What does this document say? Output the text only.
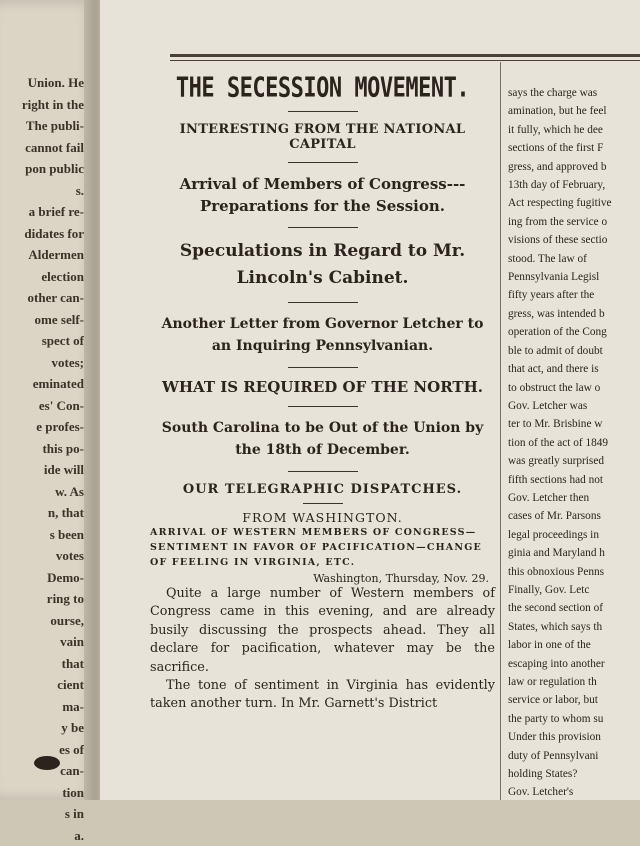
Union. He
right in the
The publi-
cannot fail
pon public
s.
a brief re-
didates for
Aldermen
election
other can-
ome self-
spect of
votes;
eminated
es' Con-
e profes-
this po-
ide will
w. As
n, that
s been
votes
Demo-
ring to
ourse,
vain
that
cient
ma-
y be
es of
can-
tion
s in
a.
THE SECESSION MOVEMENT.
INTERESTING FROM THE NATIONAL CAPITAL
Arrival of Members of Congress---Preparations for the Session.
Speculations in Regard to Mr. Lincoln's Cabinet.
Another Letter from Governor Letcher to an Inquiring Pennsylvanian.
WHAT IS REQUIRED OF THE NORTH.
South Carolina to be Out of the Union by the 18th of December.
OUR TELEGRAPHIC DISPATCHES.
FROM WASHINGTON.
ARRIVAL OF WESTERN MEMBERS OF CONGRESS—SENTIMENT IN FAVOR OF PACIFICATION—CHANGE OF FEELING IN VIRGINIA, ETC.
Washington, Thursday, Nov. 29.

Quite a large number of Western members of Congress came in this evening, and are already busily discussing the prospects ahead. They all declare for pacification, whatever may be the sacrifice.

The tone of sentiment in Virginia has evidently taken another turn. In Mr. Garnett's District

says the charge was
amination, but he feel
it fully, which he dee
sections of the first F
gress, and approved b
13th day of February,
Act respecting fugitive
ing from the service o
visions of these sectio
stood. The law of
Pennsylvania Legisl
fifty years after the
gress, was intended b
operation of the Cong
ble to admit of doubt
that act, and there is
to obstruct the law o
Gov. Letcher was
ter to Mr. Brisbine w
tion of the act of 1849
was greatly surprised
fifth sections had not
Gov. Letcher then
cases of Mr. Parsons
legal proceedings in
ginia and Maryland h
this obnoxious Penns
Finally, Gov. Letc
the second section of
States, which says th
labor in one of the
escaping into another
law or regulation th
service or labor, but
the party to whom su
Under this provision
duty of Pennsylvani
holding States?
Gov. Letcher's
